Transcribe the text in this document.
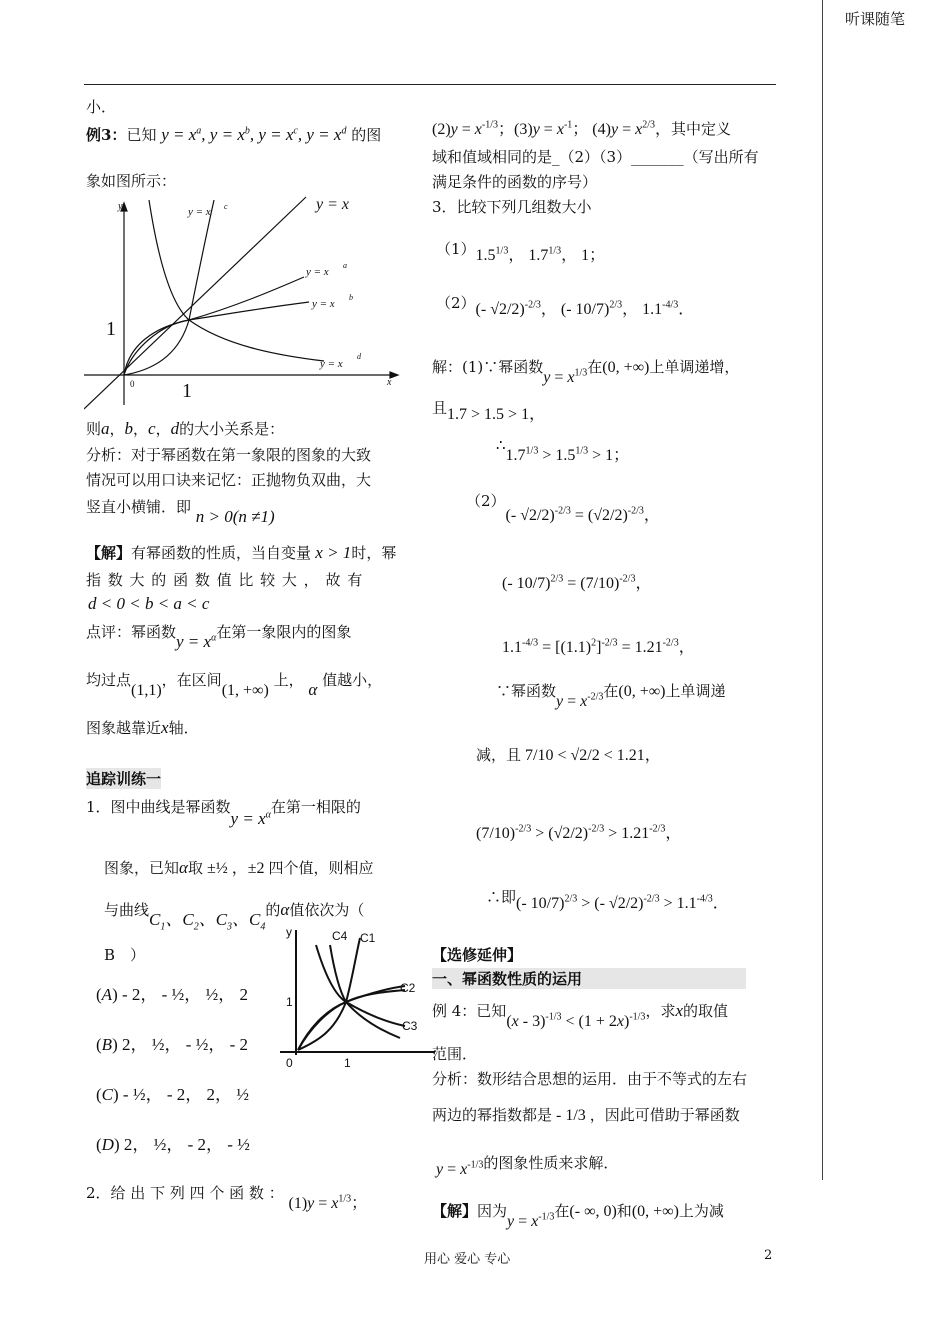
听课随笔
小．
例3：已知 $y = x^a$, $y = x^b$, $y = x^c$, $y = x^d$ 的图
象如图所示：
y
x
y = x c	y = x
y = x
a
y = x
b
y = x
d
1
0 1
则a，b，c，d的大小关系是：
分析：对于幂函数在第一象限的图象的大致
情况可以用口诀来记忆：正抛物负双曲，大
竖直小横铺．即 n > 0(n ≠1)
【解】有幂函数的性质，当自变量 x > 1时，幂
指 数 大 的 函 数 值 比 较 大 ， 故 有
d < 0 < b < a < c
点评：幂函数$y = x^\alpha$在第一象限内的图象
均过点(1,1)，在区间(1, +∞) 上， α 值越小，
图象越靠近x轴．
追踪训练一
1．图中曲线是幂函数$y = x^\alpha$在第一相限的
图象，已知α取 ±½ ，±2 四个值，则相应
与曲线$C_1$、$C_2$、$C_3$、$C_4$的α值依次为（
B　）
(A) - 2， - ½， ½， 2
(B) 2， ½， - ½， - 2
(C) - ½， - 2， 2， ½
(D) 2， ½， - 2， - ½
y	C4 C1
C2
C3
1
0	1
2．给 出 下 列 四 个 函 数 ： $(1)y = x^{1/3}$；
$(2)y = x^{-1/3}$；$(3)y = x^{-1}$； $(4)y = x^{2/3}$，其中定义
域和值域相同的是_（2）（3）_______（写出所有
满足条件的函数的序号）
3．比较下列几组数大小
$(1)1.5^{1/3}$， $1.7^{1/3}$， 1；
（2）(- √2/2)$^{-2/3}$， (- 10/7)$^{2/3}$， $1.1^{-4/3}$．
解：(1)∵幂函数$y = x^{1/3}$在(0, +∞)上单调递增，
且1.7 > 1.5 > 1，
$\therefore 1.7^{1/3} > 1.5^{1/3} > 1$；
（2）(- $√2/2)^{-2/3} = (√2/2)^{-2/3}$，
(- $10/7)^{2/3} = (7/10)^{-2/3}$，
$1.1^{-4/3} = [(1.1)^2]^{-2/3} = 1.21^{-2/3}$，
∵幂函数$y = x^{-2/3}$在(0, +∞)上单调递
减，且 7/10 < √2/2 < 1.21，
$(7/10)^{-2/3} > (√2/2)^{-2/3} > 1.21^{-2/3}$，
∴即(- 10/7)$^{2/3}$ > (- $√2/2)^{-2/3} > 1.1^{-4/3}$．
【选修延伸】
一、幂函数性质的运用
例 4：已知$(x - 3)^{-1/3} < (1 + 2x)^{-1/3}$，求x的取值
范围．
分析：数形结合思想的运用．由于不等式的左右
两边的幂指数都是 - 1/3 ，因此可借助于幂函数
$y = x^{-1/3}$的图象性质来求解．
【解】因为$y = x^{-1/3}$在(- ∞, 0)和(0, +∞)上为减
用心 爱心 专心	2
